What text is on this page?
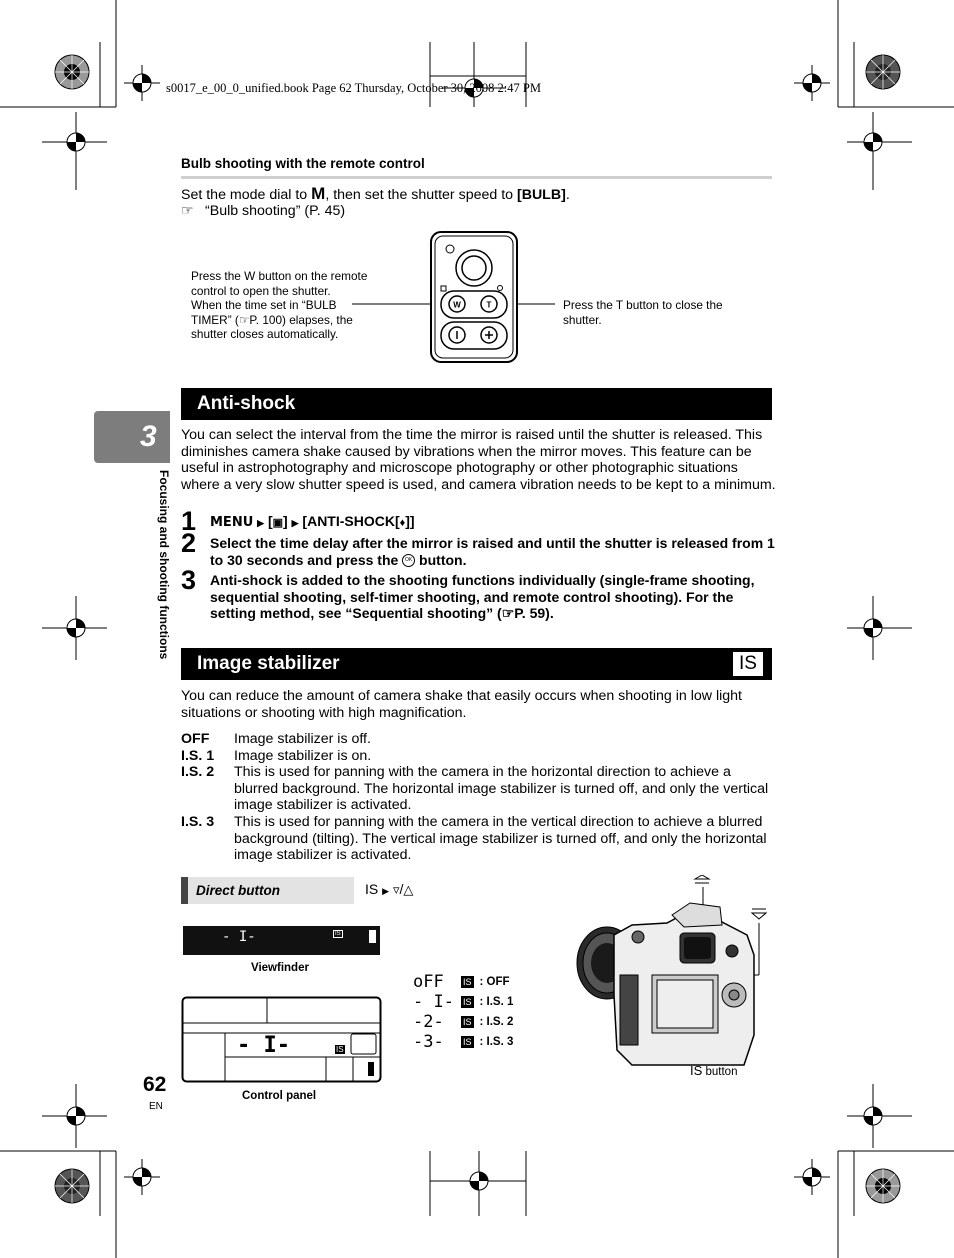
s0017_e_00_0_unified.book Page 62 Thursday, October 30, 2008 2:47 PM
3
Focusing and shooting functions
Bulb shooting with the remote control
Set the mode dial to M, then set the shutter speed to [BULB].
☞ “Bulb shooting” (P. 45)
Press the W button on the remote
control to open the shutter.
When the time set in “BULB
TIMER” (☞P. 100) elapses, the
shutter closes automatically.
Press the T button to close the
shutter.
W	T
Anti-shock
You can select the interval from the time the mirror is raised until the shutter is released. This diminishes camera shake caused by vibrations when the mirror moves. This feature can be useful in astrophotography and microscope photography or other photographic situations where a very slow shutter speed is used, and camera vibration needs to be kept to a minimum.
1 MENU ▶ [▣] ▶ [ANTI-SHOCK[♦]]
2 Select the time delay after the mirror is raised and until the shutter is released from 1 to 30 seconds and press the OK button.
3 Anti-shock is added to the shooting functions individually (single-frame shooting, sequential shooting, self-timer shooting, and remote control shooting). For the setting method, see “Sequential shooting” (☞P. 59).
Image stabilizer	IS
You can reduce the amount of camera shake that easily occurs when shooting in low light situations or shooting with high magnification.
OFF	Image stabilizer is off.
I.S. 1	Image stabilizer is on.
I.S. 2	This is used for panning with the camera in the horizontal direction to achieve a blurred background. The horizontal image stabilizer is turned off, and only the vertical image stabilizer is activated.
I.S. 3	This is used for panning with the camera in the vertical direction to achieve a blurred background (tilting). The vertical image stabilizer is turned off, and only the horizontal image stabilizer is activated.
Direct button	IS ▶ ▿/△
- I-	IS
Viewfinder
- I-	IS
Control panel
oFF	IS : OFF
- I-	IS : I.S. 1
-2-	IS : I.S. 2
-3-	IS : I.S. 3
IS button
62
EN
